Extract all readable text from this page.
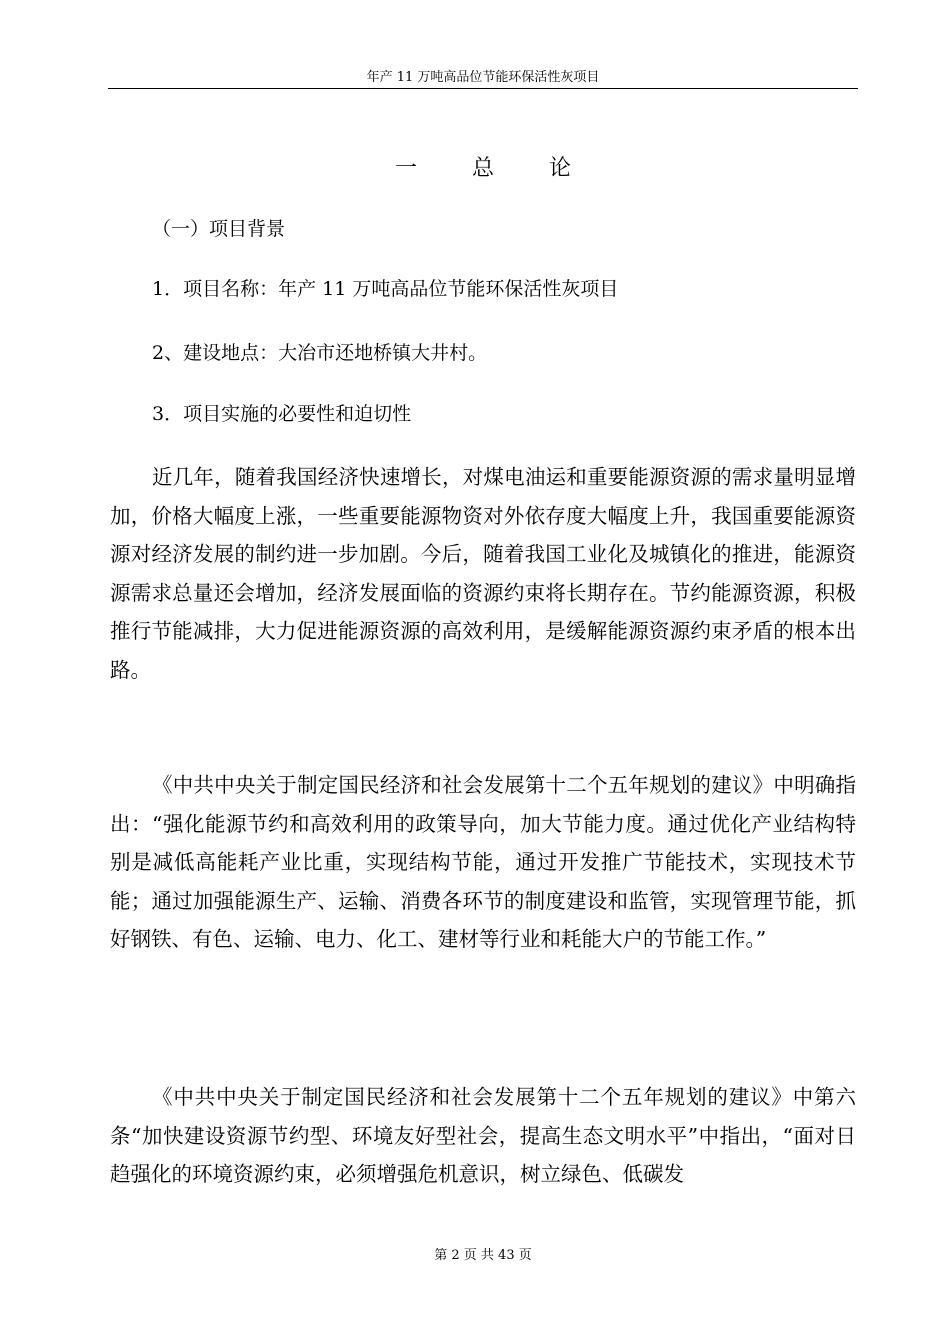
年产 11 万吨高品位节能环保活性灰项目
一 总 论
（一）项目背景
1．项目名称：年产 11 万吨高品位节能环保活性灰项目
2、建设地点：大冶市还地桥镇大井村。
3．项目实施的必要性和迫切性
近几年，随着我国经济快速增长，对煤电油运和重要能源资源的需求量明显增加，价格大幅度上涨，一些重要能源物资对外依存度大幅度上升，我国重要能源资源对经济发展的制约进一步加剧。今后，随着我国工业化及城镇化的推进，能源资源需求总量还会增加，经济发展面临的资源约束将长期存在。节约能源资源，积极推行节能减排，大力促进能源资源的高效利用，是缓解能源资源约束矛盾的根本出路。
《中共中央关于制定国民经济和社会发展第十二个五年规划的建议》中明确指出：“强化能源节约和高效利用的政策导向，加大节能力度。通过优化产业结构特别是减低高能耗产业比重，实现结构节能，通过开发推广节能技术，实现技术节能；通过加强能源生产、运输、消费各环节的制度建设和监管，实现管理节能，抓好钢铁、有色、运输、电力、化工、建材等行业和耗能大户的节能工作。”
《中共中央关于制定国民经济和社会发展第十二个五年规划的建议》中第六条“加快建设资源节约型、环境友好型社会，提高生态文明水平”中指出，“面对日趋强化的环境资源约束，必须增强危机意识，树立绿色、低碳发
第 2 页 共 43 页
